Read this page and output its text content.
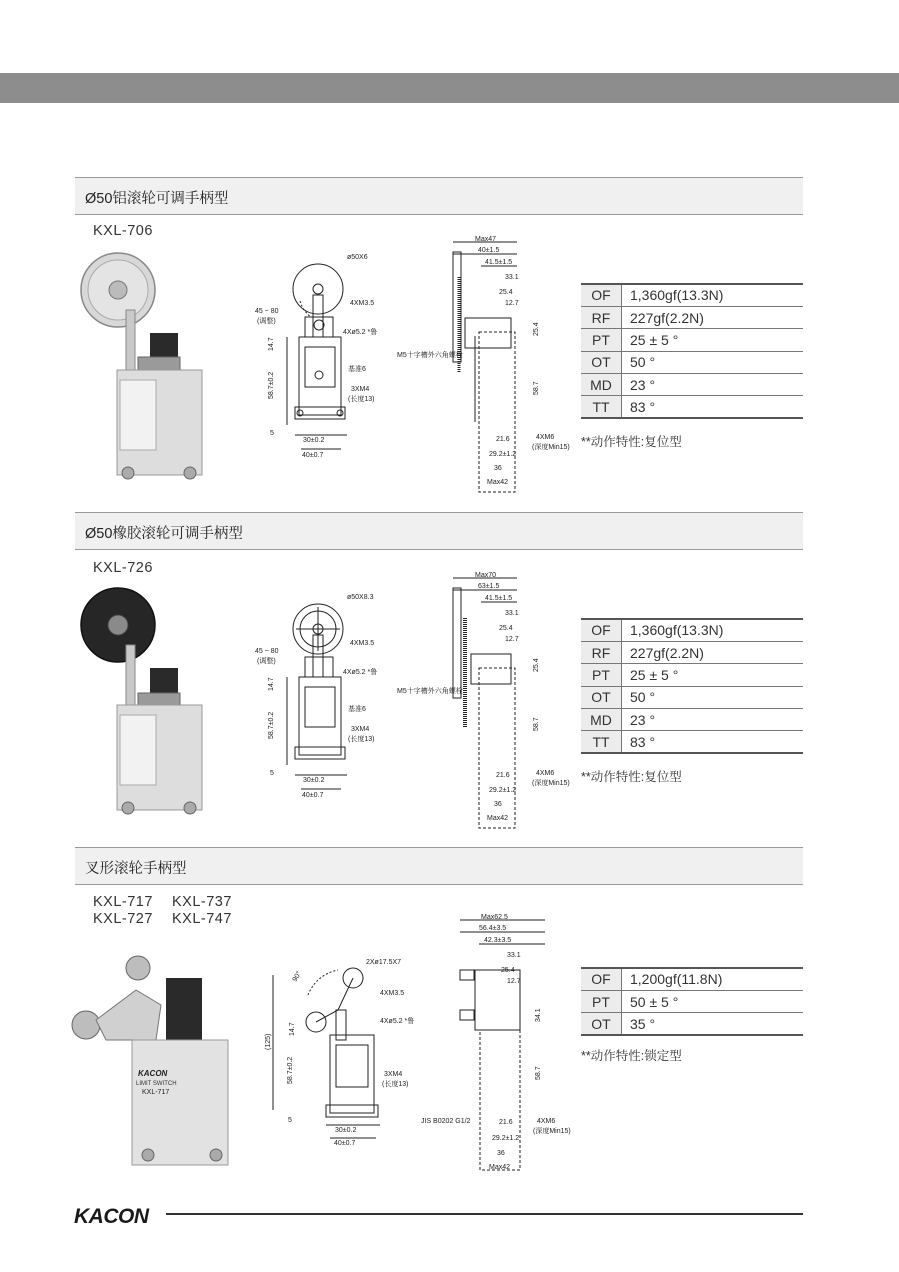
Ø50铝滚轮可调手柄型
KXL-706
ø50X6
45 ~ 80
(调整)
4XM3.5
4Xø5.2 *鲁
基准6
3XM4
(长度13)
14.7
58.7±0.2
5
30±0.2
40±0.7
Max47
40±1.5
41.5±1.5
33.1
25.4
12.7
25.4
58.7
M5十字槽外六角螺栓
4XM6
(深度Min15)
21.6
29.2±1.2
36
Max42
OF	1,360gf(13.3N)
RF	227gf(2.2N)
PT	25 ± 5 °
OT	50 °
MD	23 °
TT	83 °
**动作特性:复位型
Ø50橡胶滚轮可调手柄型
KXL-726
ø50X8.3
45 ~ 80
(调整)
4XM3.5
4Xø5.2 *鲁
基准6
3XM4
(长度13)
14.7
58.7±0.2
5
30±0.2
40±0.7
Max70
63±1.5
41.5±1.5
33.1
25.4
12.7
25.4
58.7
M5十字槽外六角螺栓
4XM6
(深度Min15)
21.6
29.2±1.2
36
Max42
OF	1,360gf(13.3N)
RF	227gf(2.2N)
PT	25 ± 5 °
OT	50 °
MD	23 °
TT	83 °
**动作特性:复位型
叉形滚轮手柄型
KXL-717 KXL-737
KXL-727 KXL-747
KACON
LIMIT SWITCH
KXL-717
2Xø17.5X7
90°
4XM3.5
4Xø5.2 *鲁
(125)
3XM4
(长度13)
14.7
58.7±0.2
5
30±0.2
40±0.7
Max62.5
56.4±3.5
42.3±3.5
33.1
25.4
12.7
34.1
58.7
JIS B0202 G1/2	4XM6
(深度Min15)
21.6
29.2±1.2
36
Max42
OF	1,200gf(11.8N)
PT	50 ± 5 °
OT	35 °
**动作特性:锁定型
KACON
